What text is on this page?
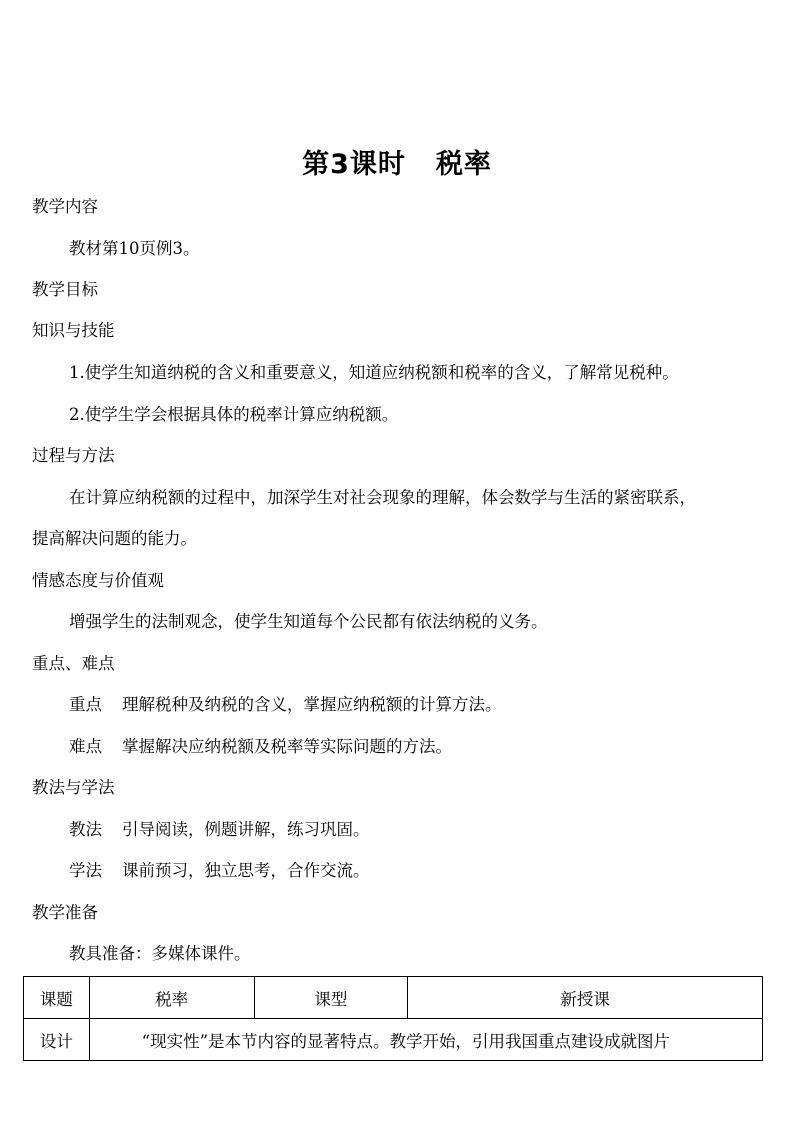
第3课时 税率
教学内容
教材第10页例3。
教学目标
知识与技能
1.使学生知道纳税的含义和重要意义，知道应纳税额和税率的含义，了解常见税种。
2.使学生学会根据具体的税率计算应纳税额。
过程与方法
在计算应纳税额的过程中，加深学生对社会现象的理解，体会数学与生活的紧密联系，
提高解决问题的能力。
情感态度与价值观
增强学生的法制观念，使学生知道每个公民都有依法纳税的义务。
重点、难点
重点 理解税种及纳税的含义，掌握应纳税额的计算方法。
难点 掌握解决应纳税额及税率等实际问题的方法。
教法与学法
教法 引导阅读，例题讲解，练习巩固。
学法 课前预习，独立思考，合作交流。
教学准备
教具准备：多媒体课件。
课题	税率	课型	新授课
设计	“现实性”是本节内容的显著特点。教学开始，引用我国重点建设成就图片		
